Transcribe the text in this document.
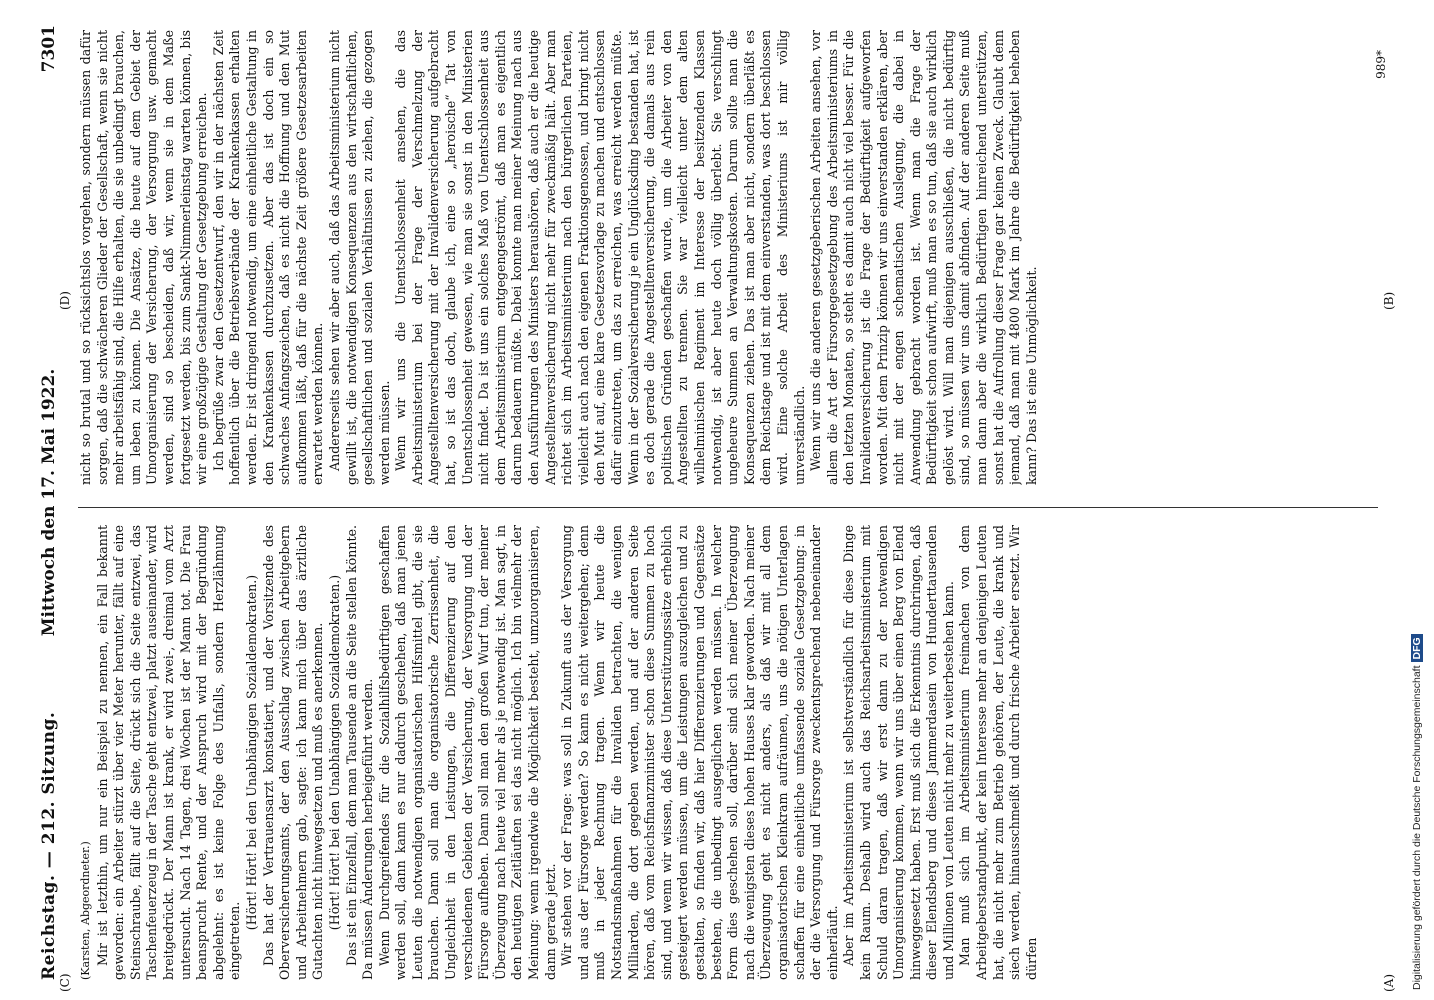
Reichstag. — 212. Sitzung.
Mittwoch den 17. Mai 1922.
7301

(Karsten, Abgeordneter.) Mir ist letzthin, um nur ein Beispiel zu nennen, ein Fall bekannt geworden: ein Arbeiter stürzt über vier Meter herunter, fällt auf eine Steinschraube, fällt auf die Seite, drückt sich die Seite entzwei, das Taschenfeuerzeug in der Tasche geht entzwei, platzt auseinander, wird breitgedrückt. Der Mann ist krank, er wird zwei-, dreimal vom Arzt untersucht. Nach 14 Tagen, drei Wochen ist der Mann tot. Die Frau beansprucht Rente, und der Anspruch wird mit der Begründung abgelehnt: es ist keine Folge des Unfalls, sondern Herzlähmung eingetreten.

(Hört! Hört! bei den Unabhängigen Sozialdemokraten.) Das hat der Vertrauensarzt konstatiert, und der Vorsitzende des Oberversicherungsamts, der den Ausschlag zwischen Arbeitgebern und Arbeitnehmern gab, sagte: ich kann mich über das ärztliche Gutachten nicht hinwegsetzen und muß es anerkennen. (Hört! Hört! bei den Unabhängigen Sozialdemokraten.) Das ist ein Einzelfall, dem man Tausende an die Seite stellen könnte. Da müssen Änderungen herbeigeführt werden. Wenn Durchgreifendes für die Sozialhilfsbedürftigen geschaffen werden soll, dann kann es nur dadurch geschehen, daß man jenen Leuten die notwendigen organisatorischen Hilfsmittel gibt, die sie brauchen. Dann soll man die organisatorische Zerrissenheit, die Ungleichheit in den Leistungen, die Differenzierung auf den verschiedenen Gebieten der Versicherung, der Versorgung und der Fürsorge aufheben. Dann soll man den großen Wurf tun, der meiner Überzeugung nach heute viel mehr als je notwendig ist. Man sagt, in den heutigen Zeitläuften sei das nicht möglich. Ich bin vielmehr der Meinung: wenn irgendwie die Möglichkeit besteht, umzuorganisieren, dann gerade jetzt. Wir stehen vor der Frage: was soll in Zukunft aus der Versorgung und aus der Fürsorge werden? So kann es nicht weitergehen; denn muß in jeder Rechnung tragen. Wenn wir heute die Notstandsmaßnahmen für die Invaliden betrachten, die wenigen Milliarden, die dort gegeben werden, und auf der anderen Seite hören, daß vom Reichsfinanzminister schon diese Summen zu hoch sind, und wenn wir wissen, daß diese Unterstützungssätze erheblich gesteigert werden müssen, um die Leistungen auszugleichen und zu gestalten, so finden wir, daß hier Differenzierungen und Gegensätze bestehen, die unbedingt ausgeglichen werden müssen. In welcher Form dies geschehen soll, darüber sind sich meiner Überzeugung nach die wenigsten dieses hohen Hauses klar geworden. Nach meiner Überzeugung geht es nicht anders, als daß wir mit all dem organisatorischen Kleinkram aufräumen, uns die nötigen Unterlagen schaffen für eine einheitliche umfassende soziale Gesetzgebung: in der die Versorgung und Fürsorge zweckentsprechend nebeneinander einherläuft. Aber im Arbeitsministerium ist selbstverständlich für diese Dinge kein Raum. Deshalb wird auch das Reichsarbeitsministerium mit Schuld daran tragen, daß wir erst dann zu der notwendigen Umorganisierung kommen, wenn wir uns über einen Berg von Elend hinweggesetzt haben. Erst muß sich die Erkenntnis durchringen, daß dieser Elendsberg und dieses Jammerdasein von Hunderttausenden und Millionen von Leuten nicht mehr zu weiterbestehen kann. Man muß sich im Arbeitsministerium freimachen von dem Arbeitgeberstandpunkt, der kein Interesse mehr an denjenigen Leuten hat, die nicht mehr zum Betrieb gehören, der Leute, die krank und siech werden, hinausschmeißt und durch frische Arbeiter ersetzt. Wir dürfen

nicht so brutal und so rücksichtslos vorgehen, sondern müssen dafür sorgen, daß die schwächeren Glieder der Gesellschaft, wenn sie nicht mehr arbeitsfähig sind, die Hilfe erhalten, die sie unbedingt brauchen, um leben zu können. Die Ansätze, die heute auf dem Gebiet der Umorganisierung der Versicherung, der Versorgung usw. gemacht werden, sind so bescheiden, daß wir, wenn sie in dem Maße fortgesetzt werden, bis zum Sankt-Nimmerleinstag warten können, bis wir eine großzügige Gestaltung der Gesetzgebung erreichen. Ich begrüße zwar den Gesetzentwurf, den wir in der nächsten Zeit hoffentlich über die Betriebsverbände der Krankenkassen erhalten werden. Er ist dringend notwendig, um eine einheitliche Gestaltung in den Krankenkassen durchzusetzen. Aber das ist doch ein so schwaches Anfangszeichen, daß es nicht die Hoffnung und den Mut aufkommen läßt, daß für die nächste Zeit größere Gesetzesarbeiten erwartet werden können. Andererseits sehen wir aber auch, daß das Arbeitsministerium nicht gewillt ist, die notwendigen Konsequenzen aus den wirtschaftlichen, gesellschaftlichen und sozialen Verhältnissen zu ziehen, die gezogen werden müssen. Wenn wir uns die Unentschlossenheit ansehen, die das Arbeitsministerium bei der Frage der Verschmelzung der Angestelltenversicherung mit der Invalidenversicherung aufgebracht hat, so ist das doch, glaube ich, eine so „heroische“ Tat von Unentschlossenheit gewesen, wie man sie sonst in den Ministerien nicht findet. Da ist uns ein solches Maß von Unentschlossenheit aus dem Arbeitsministerium entgegengeströmt, daß man es eigentlich darum bedauern müßte. Dabei konnte man meiner Meinung nach aus den Ausführungen des Ministers heraushören, daß auch er die heutige Angestelltenversicherung nicht mehr für zweckmäßig hält. Aber man richtet sich im Arbeitsministerium nach den bürgerlichen Parteien, vielleicht auch nach den eigenen Fraktionsgenossen, und bringt nicht den Mut auf, eine klare Gesetzesvorlage zu machen und entschlossen dafür einzutreten, um das zu erreichen, was erreicht werden müßte. Wenn in der Sozialversicherung je ein Unglücksding bestanden hat, ist es doch gerade die Angestelltenversicherung, die damals aus rein politischen Gründen geschaffen wurde, um die Arbeiter von den Angestellten zu trennen. Sie war vielleicht unter dem alten wilhelminischen Regiment im Interesse der besitzenden Klassen notwendig, ist aber heute doch völlig überlebt. Sie verschlingt ungeheure Summen an Verwaltungskosten. Darum sollte man die Konsequenzen ziehen. Das ist man aber nicht, sondern überläßt es dem Reichstage und ist mit dem einverstanden, was dort beschlossen wird. Eine solche Arbeit des Ministeriums ist mir völlig unverständlich. Wenn wir uns die anderen gesetzgeberischen Arbeiten ansehen, vor allem die Art der Fürsorgegesetzgebung des Arbeitsministeriums in den letzten Monaten, so steht es damit auch nicht viel besser. Für die Invalidenversicherung ist die Frage der Bedürftigkeit aufgeworfen worden. Mit dem Prinzip können wir uns einverstanden erklären, aber nicht mit der engen schematischen Auslegung, die dabei in Anwendung gebracht worden ist. Wenn man die Frage der Bedürftigkeit schon aufwirft, muß man es so tun, daß sie auch wirklich gelöst wird. Will man diejenigen ausschließen, die nicht bedürftig sind, so müssen wir uns damit abfinden. Auf der anderen Seite muß man dann aber die wirklich Bedürftigen hinreichend unterstützen, sonst hat die Aufrollung dieser Frage gar keinen Zweck. Glaubt denn jemand, daß man mit 4800 Mark im Jahre die Bedürftigkeit beheben kann? Das ist eine Unmöglichkeit.

989*
(A)
(B)
(C)
(D)
Digitalisierung gefördert durch die Deutsche Forschungsgemeinschaft
DFG
